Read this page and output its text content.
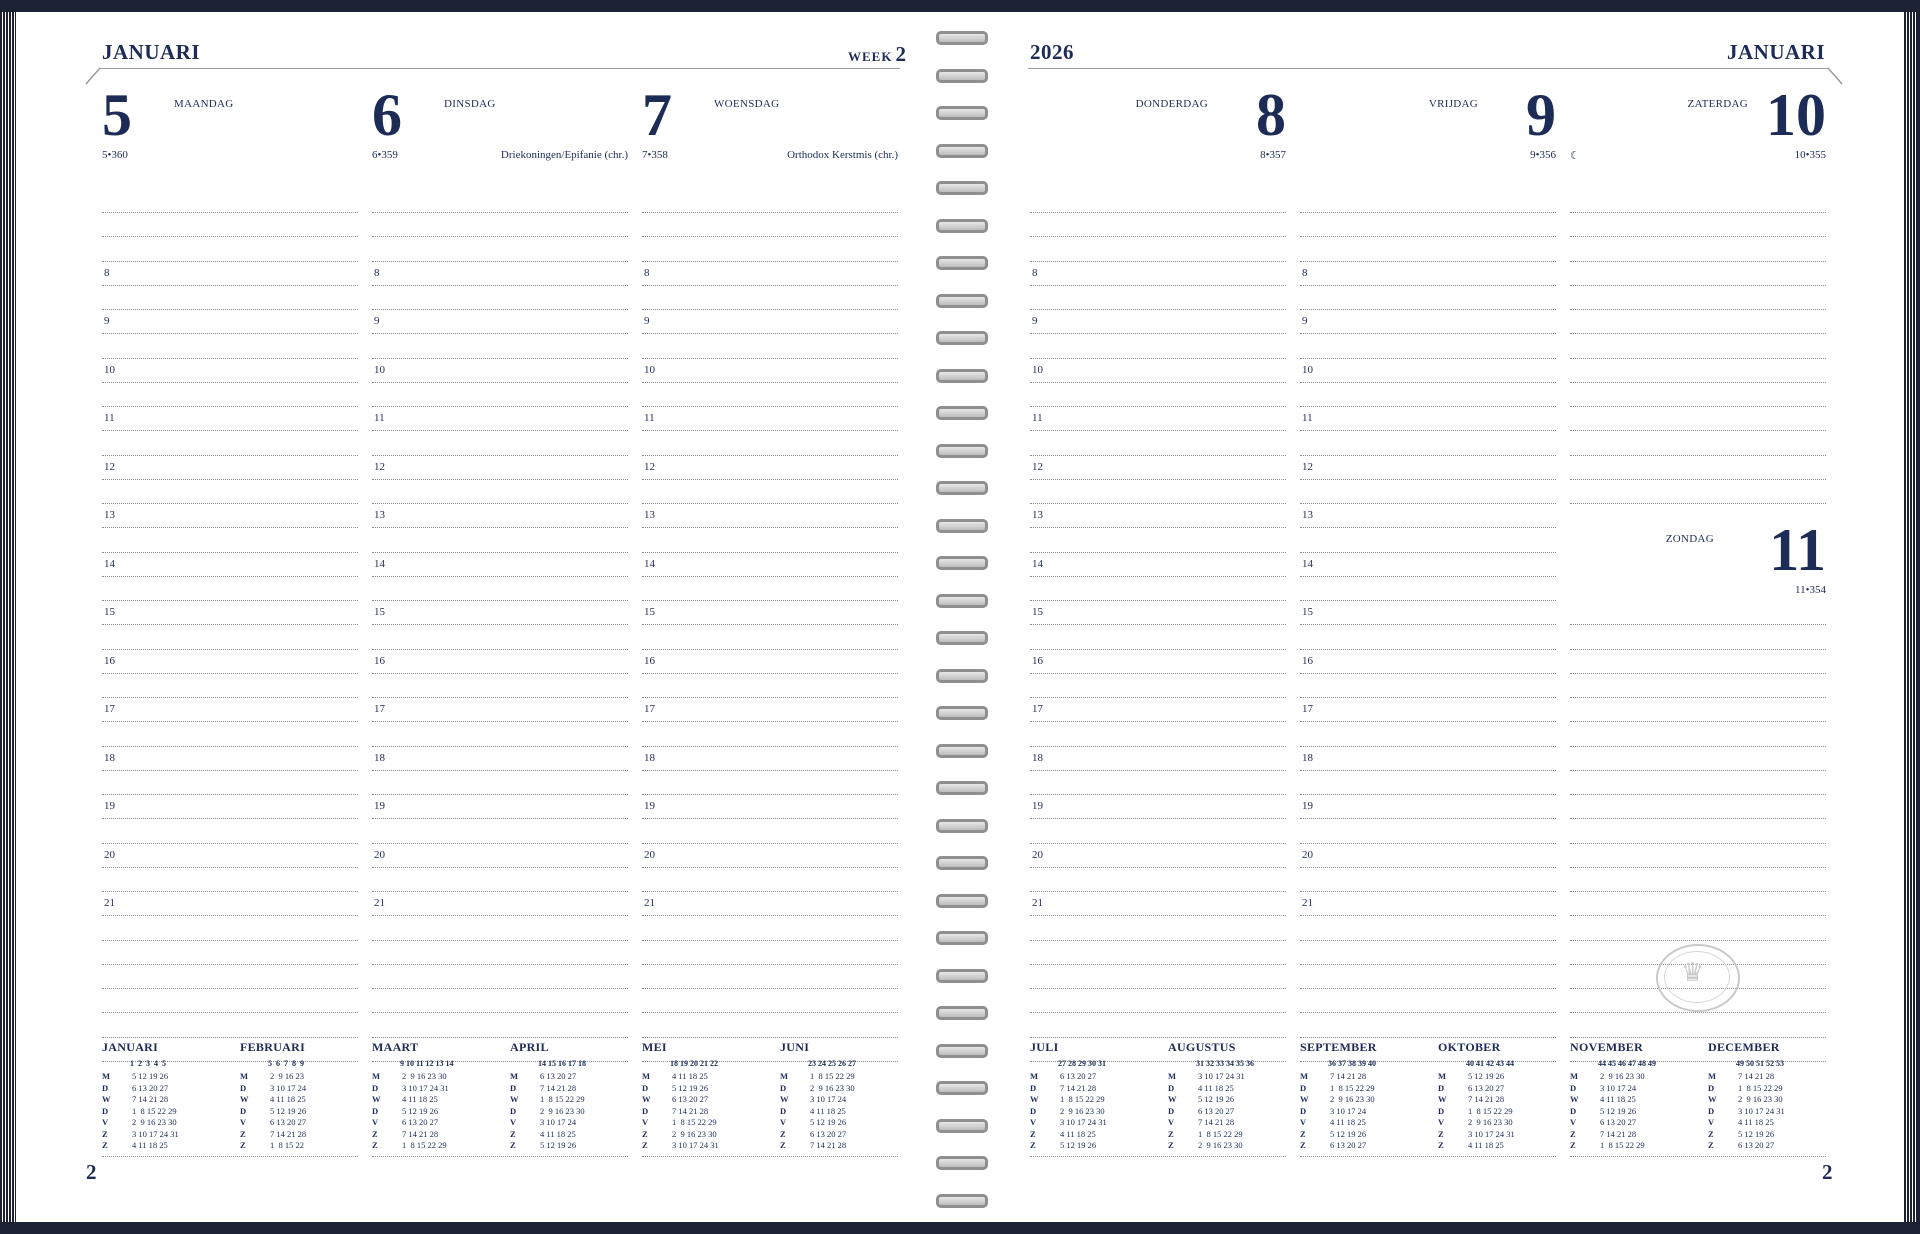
JANUARI	WEEK 2	2026	JANUARI
5	MAANDAG
5•360
8
9
10
11
12
13
14
15
16
17
18
19
20
21
6	DINSDAG
6•359	Driekoningen/Epifanie (chr.)
8
9
10
11
12
13
14
15
16
17
18
19
20
21
7	WOENSDAG
7•358	Orthodox Kerstmis (chr.)
8
9
10
11
12
13
14
15
16
17
18
19
20
21
8
DONDERDAG
8•357
8
9
10
11
12
13
14
15
16
17
18
19
20
21
9
VRIJDAG
9•356
8
9
10
11
12
13
14
15
16
17
18
19
20
21
10
ZATERDAG
10•355
☾
11
ZONDAG
11•354
JANUARI
1  2  3  4  5
M	5 12 19 26
D	6 13 20 27
W	7 14 21 28
D	1  8 15 22 29
V	2  9 16 23 30
Z	3 10 17 24 31
Z	4 11 18 25
FEBRUARI
5  6  7  8  9
M	2  9 16 23
D	3 10 17 24
W	4 11 18 25
D	5 12 19 26
V	6 13 20 27
Z	7 14 21 28
Z	1  8 15 22
MAART
9 10 11 12 13 14
M	2  9 16 23 30
D	3 10 17 24 31
W	4 11 18 25
D	5 12 19 26
V	6 13 20 27
Z	7 14 21 28
Z	1  8 15 22 29
APRIL
14 15 16 17 18
M	6 13 20 27
D	7 14 21 28
W	1  8 15 22 29
D	2  9 16 23 30
V	3 10 17 24
Z	4 11 18 25
Z	5 12 19 26
MEI
18 19 20 21 22
M	4 11 18 25
D	5 12 19 26
W	6 13 20 27
D	7 14 21 28
V	1  8 15 22 29
Z	2  9 16 23 30
Z	3 10 17 24 31
JUNI
23 24 25 26 27
M	1  8 15 22 29
D	2  9 16 23 30
W	3 10 17 24
D	4 11 18 25
V	5 12 19 26
Z	6 13 20 27
Z	7 14 21 28
JULI
27 28 29 30 31
M	6 13 20 27
D	7 14 21 28
W	1  8 15 22 29
D	2  9 16 23 30
V	3 10 17 24 31
Z	4 11 18 25
Z	5 12 19 26
AUGUSTUS
31 32 33 34 35 36
M	3 10 17 24 31
D	4 11 18 25
W	5 12 19 26
D	6 13 20 27
V	7 14 21 28
Z	1  8 15 22 29
Z	2  9 16 23 30
SEPTEMBER
36 37 38 39 40
M	7 14 21 28
D	1  8 15 22 29
W	2  9 16 23 30
D	3 10 17 24
V	4 11 18 25
Z	5 12 19 26
Z	6 13 20 27
OKTOBER
40 41 42 43 44
M	5 12 19 26
D	6 13 20 27
W	7 14 21 28
D	1  8 15 22 29
V	2  9 16 23 30
Z	3 10 17 24 31
Z	4 11 18 25
NOVEMBER
44 45 46 47 48 49
M	2  9 16 23 30
D	3 10 17 24
W	4 11 18 25
D	5 12 19 26
V	6 13 20 27
Z	7 14 21 28
Z	1  8 15 22 29
DECEMBER
49 50 51 52 53
M	7 14 21 28
D	1  8 15 22 29
W	2  9 16 23 30
D	3 10 17 24 31
V	4 11 18 25
Z	5 12 19 26
Z	6 13 20 27
2	2
♛
